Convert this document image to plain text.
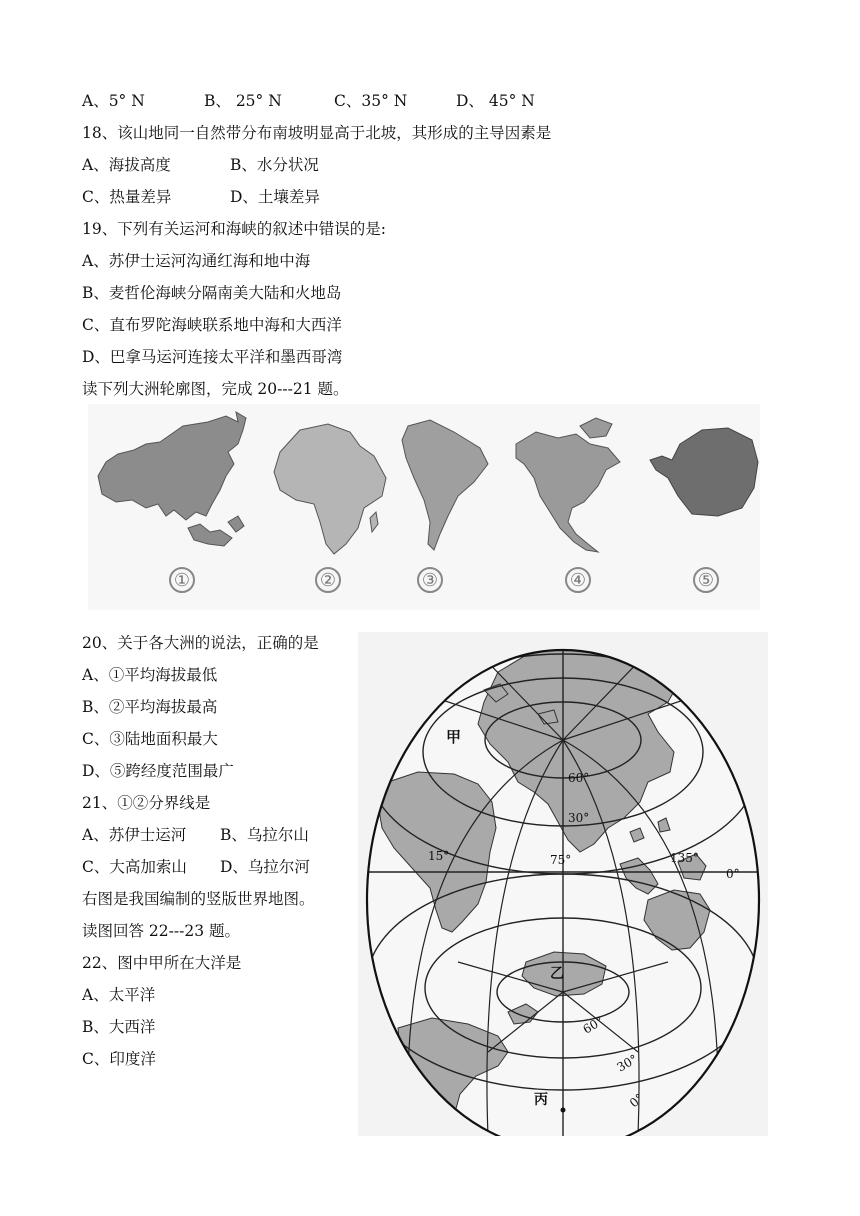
A、5° N	B、 25° N	C、35° N	D、 45° N
18、该山地同一自然带分布南坡明显高于北坡，其形成的主导因素是
A、海拔高度	B、水分状况
C、热量差异	D、土壤差异
19、下列有关运河和海峡的叙述中错误的是:
A、苏伊士运河沟通红海和地中海
B、麦哲伦海峡分隔南美大陆和火地岛
C、直布罗陀海峡联系地中海和大西洋
D、巴拿马运河连接太平洋和墨西哥湾
读下列大洲轮廓图，完成 20---21 题。
①	②	③	④	⑤
20、关于各大洲的说法，正确的是
A、①平均海拔最低
B、②平均海拔最高
C、③陆地面积最大
D、⑤跨经度范围最广
21、①②分界线是
A、苏伊士运河 B、乌拉尔山
C、大高加索山 D、乌拉尔河
右图是我国编制的竖版世界地图。
读图回答 22---23 题。
22、图中甲所在大洋是
A、太平洋
B、大西洋
C、印度洋
甲
60°
30°
15°	75°	135°
0°
乙
60°
30°
0°
丙
